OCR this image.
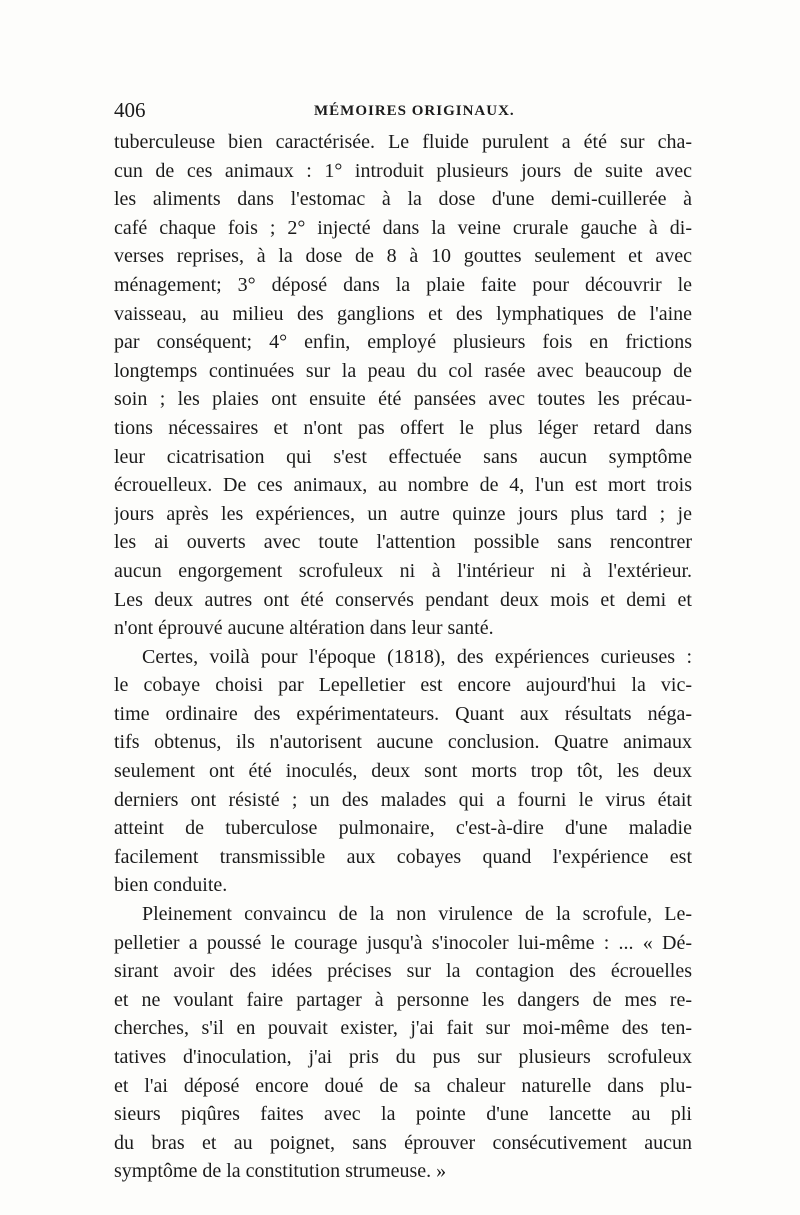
406	MÉMOIRES ORIGINAUX.
tuberculeuse bien caractérisée. Le fluide purulent a été sur cha-
cun de ces animaux : 1° introduit plusieurs jours de suite avec
les aliments dans l'estomac à la dose d'une demi-cuillerée à
café chaque fois ; 2° injecté dans la veine crurale gauche à di-
verses reprises, à la dose de 8 à 10 gouttes seulement et avec
ménagement; 3° déposé dans la plaie faite pour découvrir le
vaisseau, au milieu des ganglions et des lymphatiques de l'aine
par conséquent; 4° enfin, employé plusieurs fois en frictions
longtemps continuées sur la peau du col rasée avec beaucoup de
soin ; les plaies ont ensuite été pansées avec toutes les précau-
tions nécessaires et n'ont pas offert le plus léger retard dans
leur cicatrisation qui s'est effectuée sans aucun symptôme
écrouelleux. De ces animaux, au nombre de 4, l'un est mort trois
jours après les expériences, un autre quinze jours plus tard ; je
les ai ouverts avec toute l'attention possible sans rencontrer
aucun engorgement scrofuleux ni à l'intérieur ni à l'extérieur.
Les deux autres ont été conservés pendant deux mois et demi et
n'ont éprouvé aucune altération dans leur santé.
Certes, voilà pour l'époque (1818), des expériences curieuses :
le cobaye choisi par Lepelletier est encore aujourd'hui la vic-
time ordinaire des expérimentateurs. Quant aux résultats néga-
tifs obtenus, ils n'autorisent aucune conclusion. Quatre animaux
seulement ont été inoculés, deux sont morts trop tôt, les deux
derniers ont résisté ; un des malades qui a fourni le virus était
atteint de tuberculose pulmonaire, c'est-à-dire d'une maladie
facilement transmissible aux cobayes quand l'expérience est
bien conduite.
Pleinement convaincu de la non virulence de la scrofule, Le-
pelletier a poussé le courage jusqu'à s'inocoler lui-même : ... « Dé-
sirant avoir des idées précises sur la contagion des écrouelles
et ne voulant faire partager à personne les dangers de mes re-
cherches, s'il en pouvait exister, j'ai fait sur moi-même des ten-
tatives d'inoculation, j'ai pris du pus sur plusieurs scrofuleux
et l'ai déposé encore doué de sa chaleur naturelle dans plu-
sieurs piqûres faites avec la pointe d'une lancette au pli
du bras et au poignet, sans éprouver consécutivement aucun
symptôme de la constitution strumeuse. »
